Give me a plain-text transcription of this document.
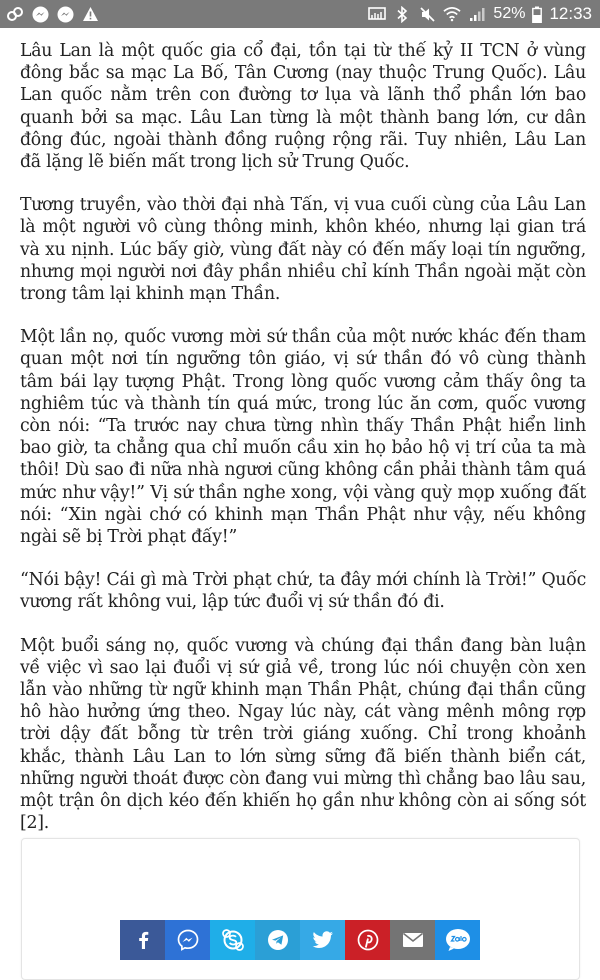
52% 12:33

Lâu Lan là một quốc gia cổ đại, tồn tại từ thế kỷ II TCN ở vùng đông bắc sa mạc La Bố, Tân Cương (nay thuộc Trung Quốc). Lâu Lan quốc nằm trên con đường tơ lụa và lãnh thổ phần lớn bao quanh bởi sa mạc. Lâu Lan từng là một thành bang lớn, cư dân đông đúc, ngoài thành đồng ruộng rộng rãi. Tuy nhiên, Lâu Lan đã lặng lẽ biến mất trong lịch sử Trung Quốc.

Tương truyền, vào thời đại nhà Tấn, vị vua cuối cùng của Lâu Lan là một người vô cùng thông minh, khôn khéo, nhưng lại gian trá và xu nịnh. Lúc bấy giờ, vùng đất này có đến mấy loại tín ngưỡng, nhưng mọi người nơi đây phần nhiều chỉ kính Thần ngoài mặt còn trong tâm lại khinh mạn Thần.

Một lần nọ, quốc vương mời sứ thần của một nước khác đến tham quan một nơi tín ngưỡng tôn giáo, vị sứ thần đó vô cùng thành tâm bái lạy tượng Phật. Trong lòng quốc vương cảm thấy ông ta nghiêm túc và thành tín quá mức, trong lúc ăn cơm, quốc vương còn nói: “Ta trước nay chưa từng nhìn thấy Thần Phật hiển linh bao giờ, ta chẳng qua chỉ muốn cầu xin họ bảo hộ vị trí của ta mà thôi! Dù sao đi nữa nhà ngươi cũng không cần phải thành tâm quá mức như vậy!” Vị sứ thần nghe xong, vội vàng quỳ mọp xuống đất nói: “Xin ngài chớ có khinh mạn Thần Phật như vậy, nếu không ngài sẽ bị Trời phạt đấy!”

“Nói bậy! Cái gì mà Trời phạt chứ, ta đây mới chính là Trời!” Quốc vương rất không vui, lập tức đuổi vị sứ thần đó đi.

Một buổi sáng nọ, quốc vương và chúng đại thần đang bàn luận về việc vì sao lại đuổi vị sứ giả về, trong lúc nói chuyện còn xen lẫn vào những từ ngữ khinh mạn Thần Phật, chúng đại thần cũng hô hào hưởng ứng theo. Ngay lúc này, cát vàng mênh mông rợp trời dậy đất bỗng từ trên trời giáng xuống. Chỉ trong khoảnh khắc, thành Lâu Lan to lớn sừng sững đã biến thành biển cát, những người thoát được còn đang vui mừng thì chẳng bao lâu sau, một trận ôn dịch kéo đến khiến họ gần như không còn ai sống sót [2].
